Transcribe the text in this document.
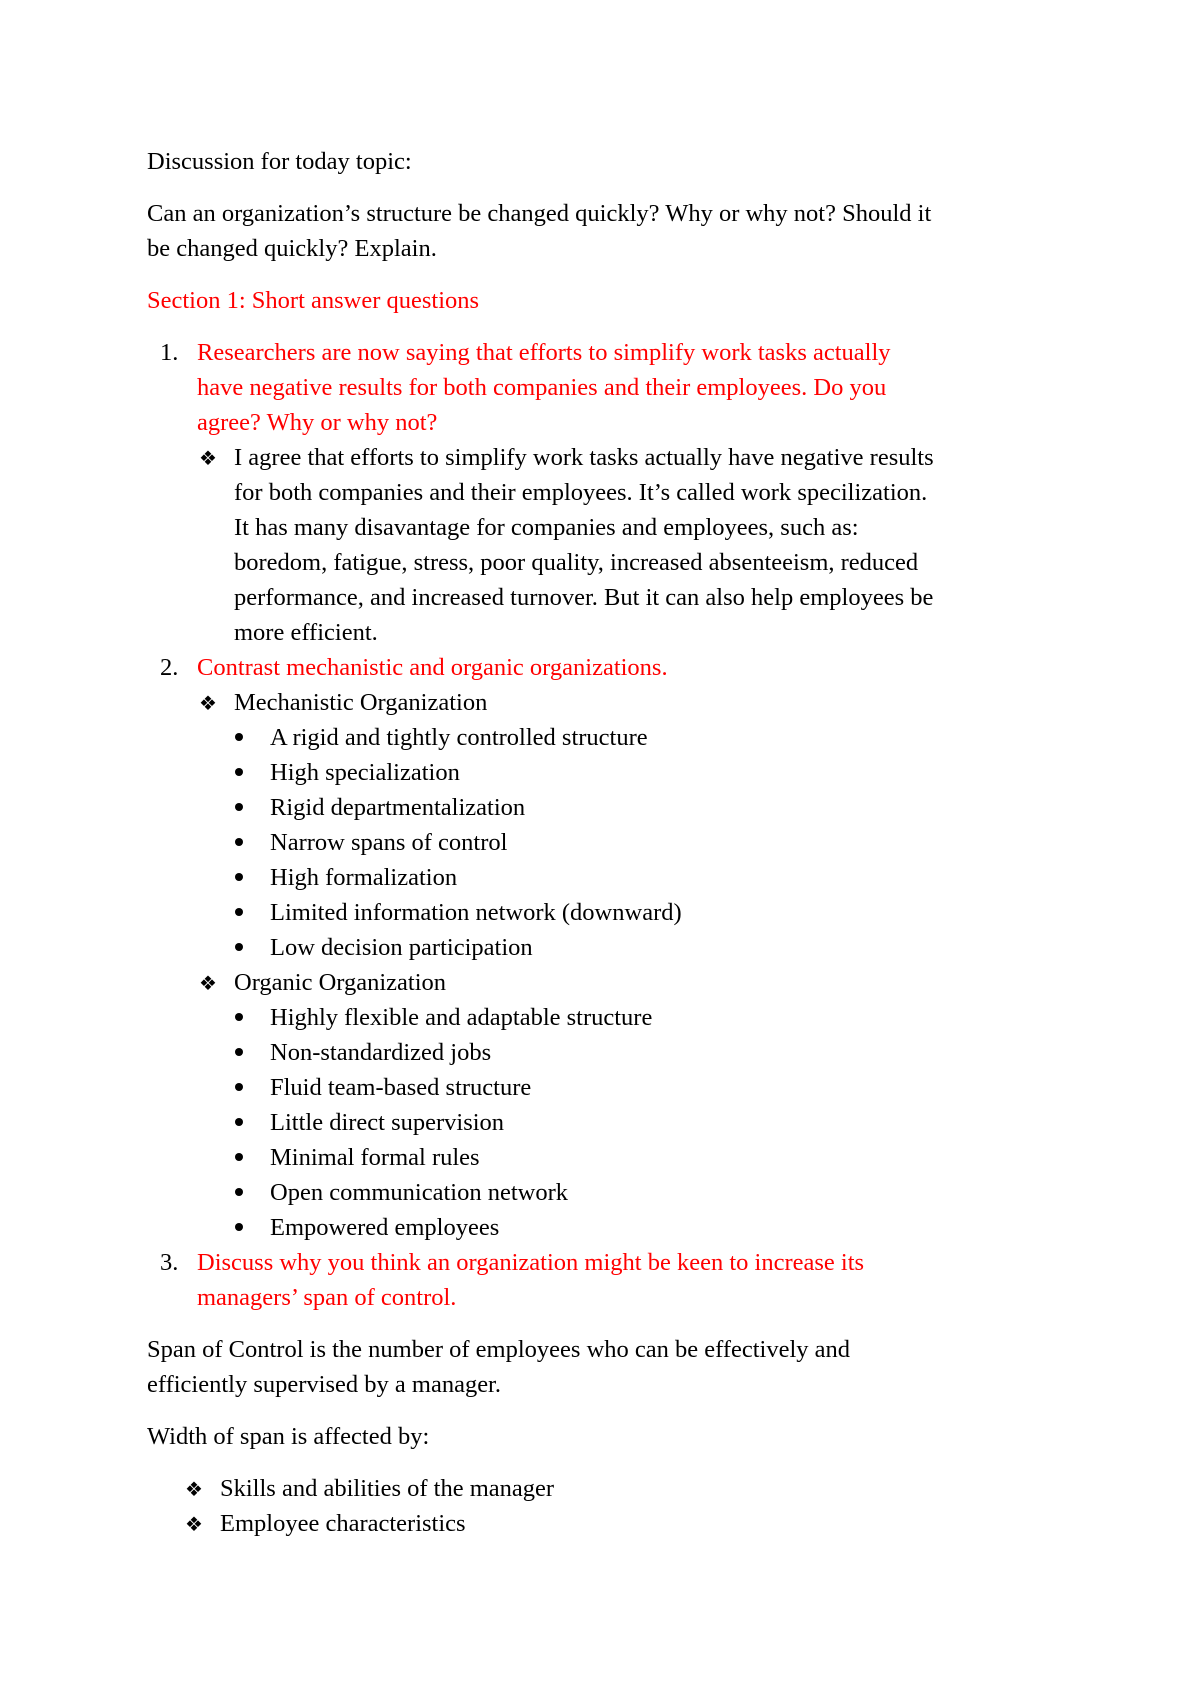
Discussion for today topic:
Can an organization’s structure be changed quickly? Why or why not? Should it
be changed quickly? Explain.
Section 1: Short answer questions
1. Researchers are now saying that efforts to simplify work tasks actually
have negative results for both companies and their employees. Do you
agree? Why or why not?
❖ I agree that efforts to simplify work tasks actually have negative results
for both companies and their employees. It’s called work specilization.
It has many disavantage for companies and employees, such as:
boredom, fatigue, stress, poor quality, increased absenteeism, reduced
performance, and increased turnover. But it can also help employees be
more efficient.
2. Contrast mechanistic and organic organizations.
❖ Mechanistic Organization
A rigid and tightly controlled structure
High specialization
Rigid departmentalization
Narrow spans of control
High formalization
Limited information network (downward)
Low decision participation
❖ Organic Organization
Highly flexible and adaptable structure
Non-standardized jobs
Fluid team-based structure
Little direct supervision
Minimal formal rules
Open communication network
Empowered employees
3. Discuss why you think an organization might be keen to increase its
managers’ span of control.
Span of Control is the number of employees who can be effectively and
efficiently supervised by a manager.
Width of span is affected by:
❖ Skills and abilities of the manager
❖ Employee characteristics
